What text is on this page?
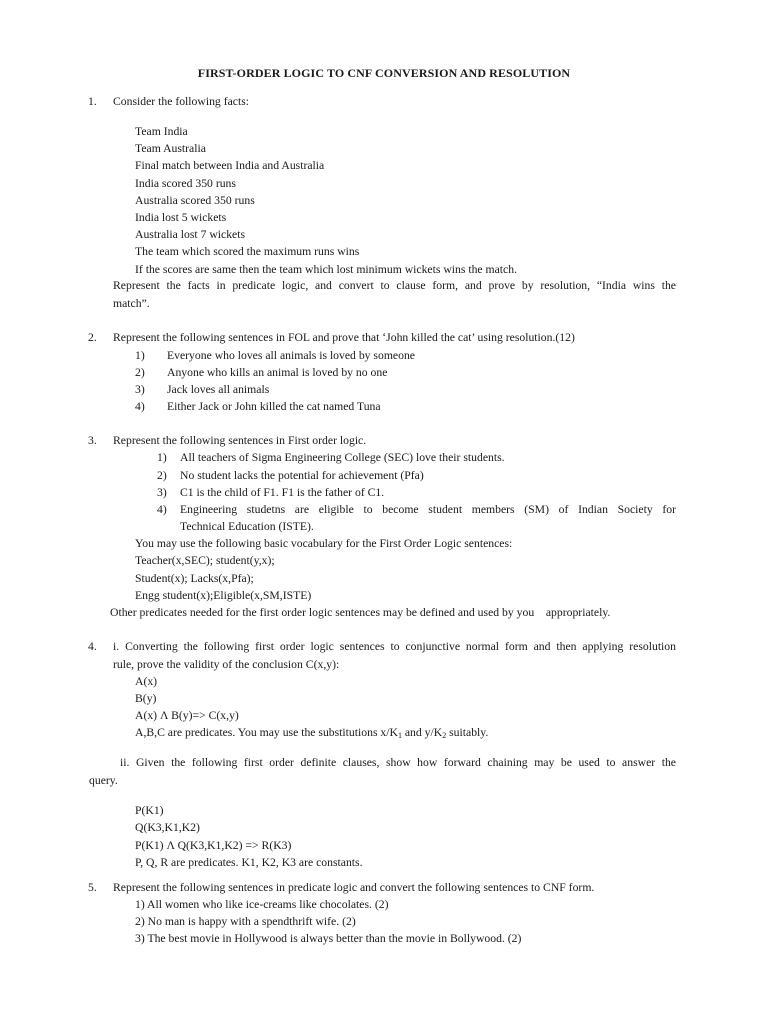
FIRST-ORDER LOGIC TO CNF CONVERSION AND RESOLUTION
1. Consider the following facts:
Team India
Team Australia
Final match between India and Australia
India scored 350 runs
Australia scored 350 runs
India lost 5 wickets
Australia lost 7 wickets
The team which scored the maximum runs wins
If the scores are same then the team which lost minimum wickets wins the match.
Represent the facts in predicate logic, and convert to clause form, and prove by resolution, “India wins the
match”.
2. Represent the following sentences in FOL and prove that ‘John killed the cat’ using resolution.(12)
1) Everyone who loves all animals is loved by someone
2) Anyone who kills an animal is loved by no one
3) Jack loves all animals
4) Either Jack or John killed the cat named Tuna
3. Represent the following sentences in First order logic.
1) All teachers of Sigma Engineering College (SEC) love their students.
2) No student lacks the potential for achievement (Pfa)
3) C1 is the child of F1. F1 is the father of C1.
4) Engineering studetns are eligible to become student members (SM) of Indian Society for
Technical Education (ISTE).
You may use the following basic vocabulary for the First Order Logic sentences:
Teacher(x,SEC); student(y,x);
Student(x); Lacks(x,Pfa);
Engg student(x);Eligible(x,SM,ISTE)
Other predicates needed for the first order logic sentences may be defined and used by you    appropriately.
4. i. Converting the following first order logic sentences to conjunctive normal form and then applying resolution
rule, prove the validity of the conclusion C(x,y):
A(x)
B(y)
A(x) Λ B(y)=> C(x,y)
A,B,C are predicates. You may use the substitutions $x/K_1$ and $y/K_2$ suitably.
ii. Given the following first order definite clauses, show how forward chaining may be used to answer the
query.
P(K1)
Q(K3,K1,K2)
P(K1) Λ Q(K3,K1,K2) => R(K3)
P, Q, R are predicates. K1, K2, K3 are constants.
5. Represent the following sentences in predicate logic and convert the following sentences to CNF form.
1) All women who like ice-creams like chocolates. (2)
2) No man is happy with a spendthrift wife. (2)
3) The best movie in Hollywood is always better than the movie in Bollywood. (2)
